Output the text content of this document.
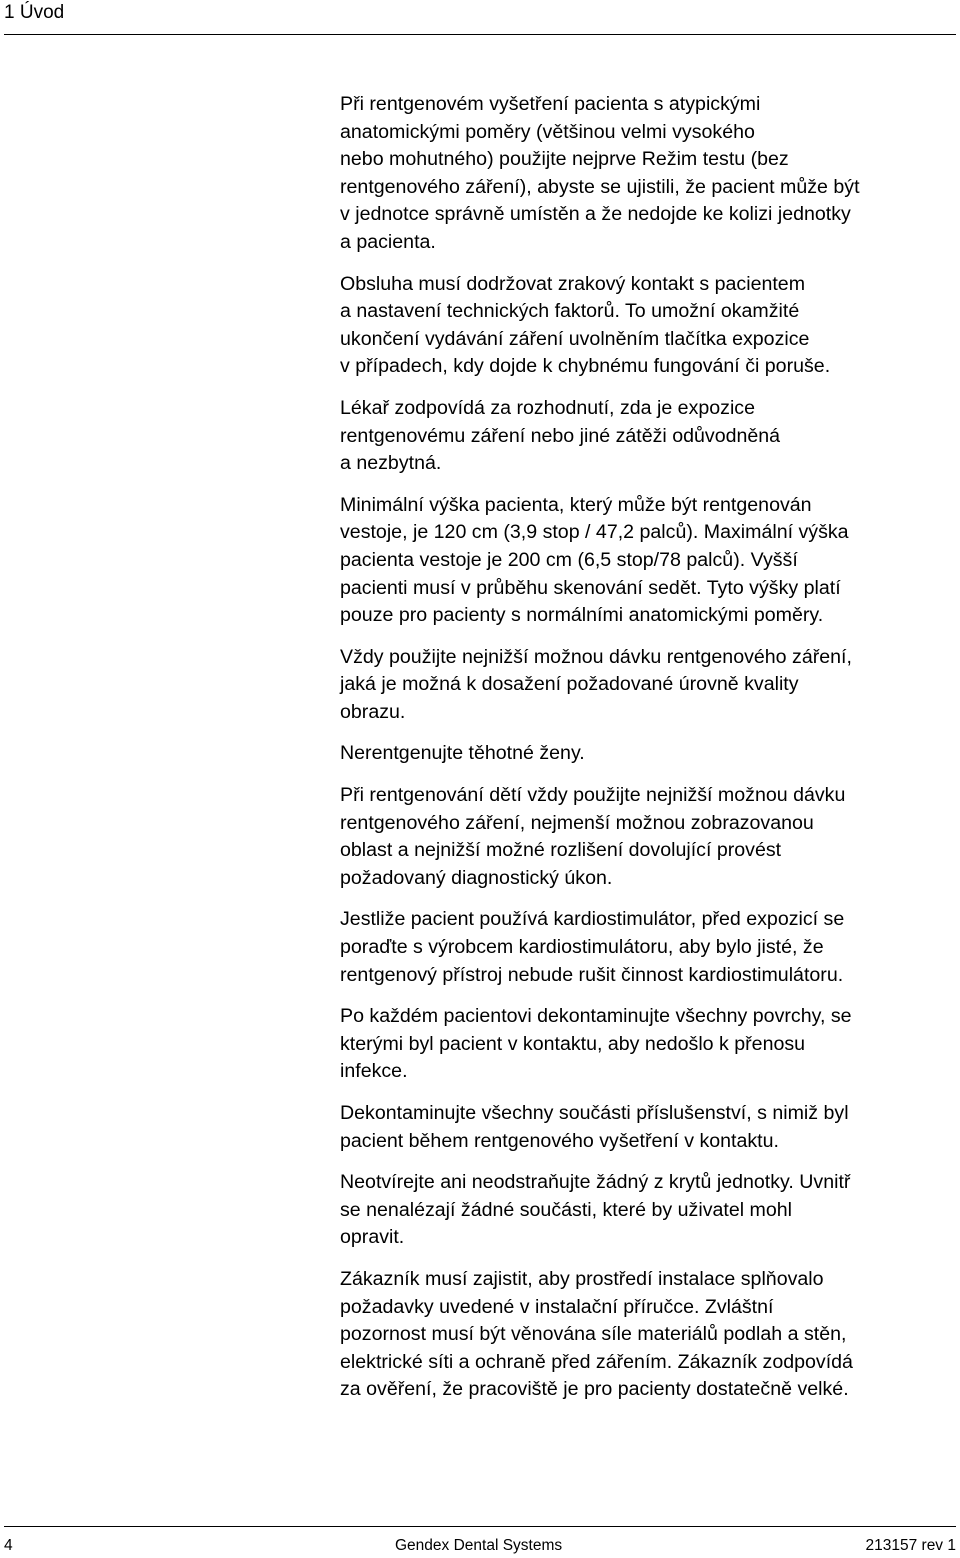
1 Úvod

Při rentgenovém vyšetření pacienta s atypickými
anatomickými poměry (většinou velmi vysokého
nebo mohutného) použijte nejprve Režim testu (bez
rentgenového záření), abyste se ujistili, že pacient může být
v jednotce správně umístěn a že nedojde ke kolizi jednotky
a pacienta.

Obsluha musí dodržovat zrakový kontakt s pacientem
a nastavení technických faktorů. To umožní okamžité
ukončení vydávání záření uvolněním tlačítka expozice
v případech, kdy dojde k chybnému fungování či poruše.

Lékař zodpovídá za rozhodnutí, zda je expozice
rentgenovému záření nebo jiné zátěži odůvodněná
a nezbytná.

Minimální výška pacienta, který může být rentgenován
vestoje, je 120 cm (3,9 stop / 47,2 palců). Maximální výška
pacienta vestoje je 200 cm (6,5 stop/78 palců). Vyšší
pacienti musí v průběhu skenování sedět. Tyto výšky platí
pouze pro pacienty s normálními anatomickými poměry.

Vždy použijte nejnižší možnou dávku rentgenového záření,
jaká je možná k dosažení požadované úrovně kvality
obrazu.

Nerentgenujte těhotné ženy.

Při rentgenování dětí vždy použijte nejnižší možnou dávku
rentgenového záření, nejmenší možnou zobrazovanou
oblast a nejnižší možné rozlišení dovolující provést
požadovaný diagnostický úkon.

Jestliže pacient používá kardiostimulátor, před expozicí se
poraďte s výrobcem kardiostimulátoru, aby bylo jisté, že
rentgenový přístroj nebude rušit činnost kardiostimulátoru.

Po každém pacientovi dekontaminujte všechny povrchy, se
kterými byl pacient v kontaktu, aby nedošlo k přenosu
infekce.

Dekontaminujte všechny součásti příslušenství, s nimiž byl
pacient během rentgenového vyšetření v kontaktu.

Neotvírejte ani neodstraňujte žádný z krytů jednotky. Uvnitř
se nenalézají žádné součásti, které by uživatel mohl
opravit.

Zákazník musí zajistit, aby prostředí instalace splňovalo
požadavky uvedené v instalační příručce. Zvláštní
pozornost musí být věnována síle materiálů podlah a stěn,
elektrické síti a ochraně před zářením. Zákazník zodpovídá
za ověření, že pracoviště je pro pacienty dostatečně velké.

4	Gendex Dental Systems	213157 rev 1
